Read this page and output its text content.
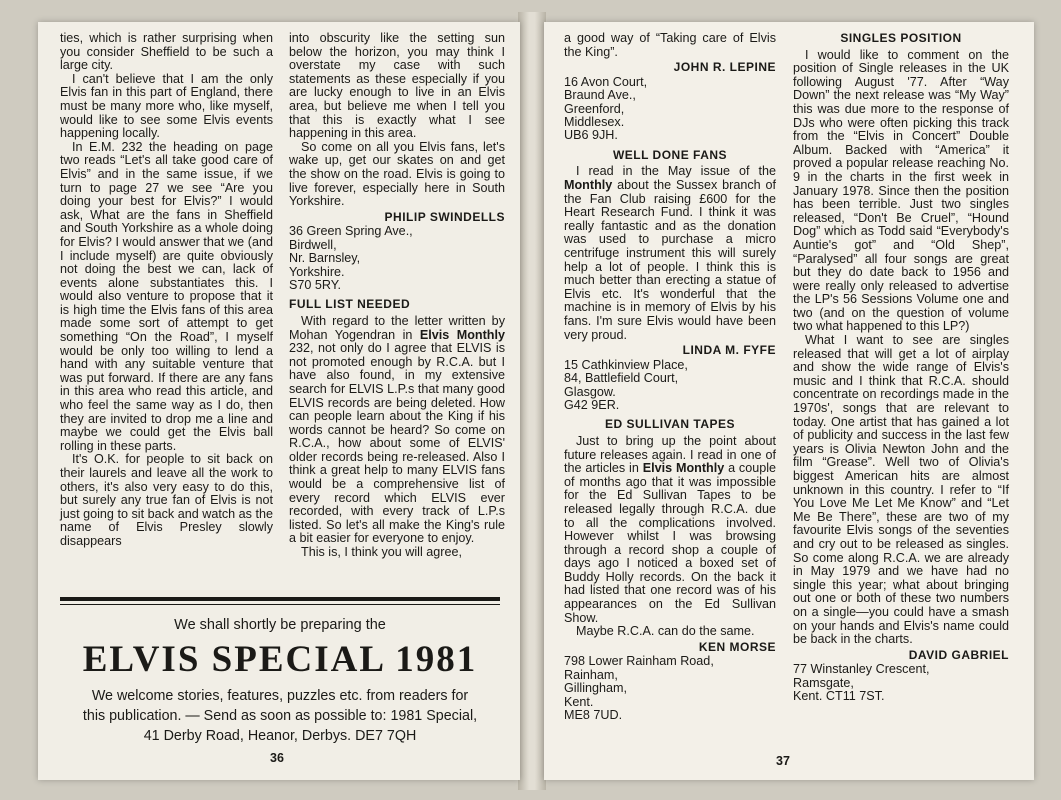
ties, which is rather surprising when you consider Sheffield to be such a large city.

I can't believe that I am the only Elvis fan in this part of England, there must be many more who, like myself, would like to see some Elvis events happening locally.

In E.M. 232 the heading on page two reads “Let's all take good care of Elvis” and in the same issue, if we turn to page 27 we see “Are you doing your best for Elvis?” I would ask, What are the fans in Sheffield and South Yorkshire as a whole doing for Elvis? I would answer that we (and I include myself) are quite obviously not doing the best we can, lack of events alone substantiates this. I would also venture to propose that it is high time the Elvis fans of this area made some sort of attempt to get something “On the Road”, I myself would be only too willing to lend a hand with any suitable venture that was put forward. If there are any fans in this area who read this article, and who feel the same way as I do, then they are invited to drop me a line and maybe we could get the Elvis ball rolling in these parts.

It's O.K. for people to sit back on their laurels and leave all the work to others, it's also very easy to do this, but surely any true fan of Elvis is not just going to sit back and watch as the name of Elvis Presley slowly disappears

into obscurity like the setting sun below the horizon, you may think I overstate my case with such statements as these especially if you are lucky enough to live in an Elvis area, but believe me when I tell you that this is exactly what I see happening in this area.

So come on all you Elvis fans, let's wake up, get our skates on and get the show on the road. Elvis is going to live forever, especially here in South Yorkshire.

PHILIP SWINDELLS
36 Green Spring Ave.,
Birdwell,
Nr. Barnsley,
Yorkshire.
S70 5RY.
FULL LIST NEEDED

With regard to the letter written by Mohan Yogendran in Elvis Monthly 232, not only do I agree that ELVIS is not promoted enough by R.C.A. but I have also found, in my extensive search for ELVIS L.P.s that many good ELVIS records are being deleted. How can people learn about the King if his words cannot be heard? So come on R.C.A., how about some of ELVIS' older records being re-released. Also I think a great help to many ELVIS fans would be a comprehensive list of every record which ELVIS ever recorded, with every track of L.P.s listed. So let's all make the King's rule a bit easier for everyone to enjoy.

This is, I think you will agree,

We shall shortly be preparing the
ELVIS SPECIAL 1981
We welcome stories, features, puzzles etc. from readers for
this publication. — Send as soon as possible to: 1981 Special,
41 Derby Road, Heanor, Derbys. DE7 7QH
36

a good way of “Taking care of Elvis the King”.

JOHN R. LEPINE
16 Avon Court,
Braund Ave.,
Greenford,
Middlesex.
UB6 9JH.
WELL DONE FANS

I read in the May issue of the Monthly about the Sussex branch of the Fan Club raising £600 for the Heart Research Fund. I think it was really fantastic and as the donation was used to purchase a micro centrifuge instrument this will surely help a lot of people. I think this is much better than erecting a statue of Elvis etc. It's wonderful that the machine is in memory of Elvis by his fans. I'm sure Elvis would have been very proud.

LINDA M. FYFE
15 Cathkinview Place,
84, Battlefield Court,
Glasgow.
G42 9ER.
ED SULLIVAN TAPES

Just to bring up the point about future releases again. I read in one of the articles in Elvis Monthly a couple of months ago that it was impossible for the Ed Sullivan Tapes to be released legally through R.C.A. due to all the complications involved. However whilst I was browsing through a record shop a couple of days ago I noticed a boxed set of Buddy Holly records. On the back it had listed that one record was of his appearances on the Ed Sullivan Show.

Maybe R.C.A. can do the same.

KEN MORSE
798 Lower Rainham Road,
Rainham,
Gillingham,
Kent.
ME8 7UD.
SINGLES POSITION

I would like to comment on the position of Single releases in the UK following August '77. After “Way Down” the next release was “My Way” this was due more to the response of DJs who were often picking this track from the “Elvis in Concert” Double Album. Backed with “America” it proved a popular release reaching No. 9 in the charts in the first week in January 1978. Since then the position has been terrible. Just two singles released, “Don't Be Cruel”, “Hound Dog” which as Todd said “Everybody's Auntie's got” and “Old Shep”, “Paralysed” all four songs are great but they do date back to 1956 and were really only released to advertise the LP's 56 Sessions Volume one and two (and on the question of volume two what happened to this LP?)

What I want to see are singles released that will get a lot of airplay and show the wide range of Elvis's music and I think that R.C.A. should concentrate on recordings made in the 1970s', songs that are relevant to today. One artist that has gained a lot of publicity and success in the last few years is Olivia Newton John and the film “Grease”. Well two of Olivia's biggest American hits are almost unknown in this country. I refer to “If You Love Me Let Me Know” and “Let Me Be There”, these are two of my favourite Elvis songs of the seventies and cry out to be released as singles. So come along R.C.A. we are already in May 1979 and we have had no single this year; what about bringing out one or both of these two numbers on a single—you could have a smash on your hands and Elvis's name could be back in the charts.

DAVID GABRIEL
77 Winstanley Crescent,
Ramsgate,
Kent. CT11 7ST.
37
